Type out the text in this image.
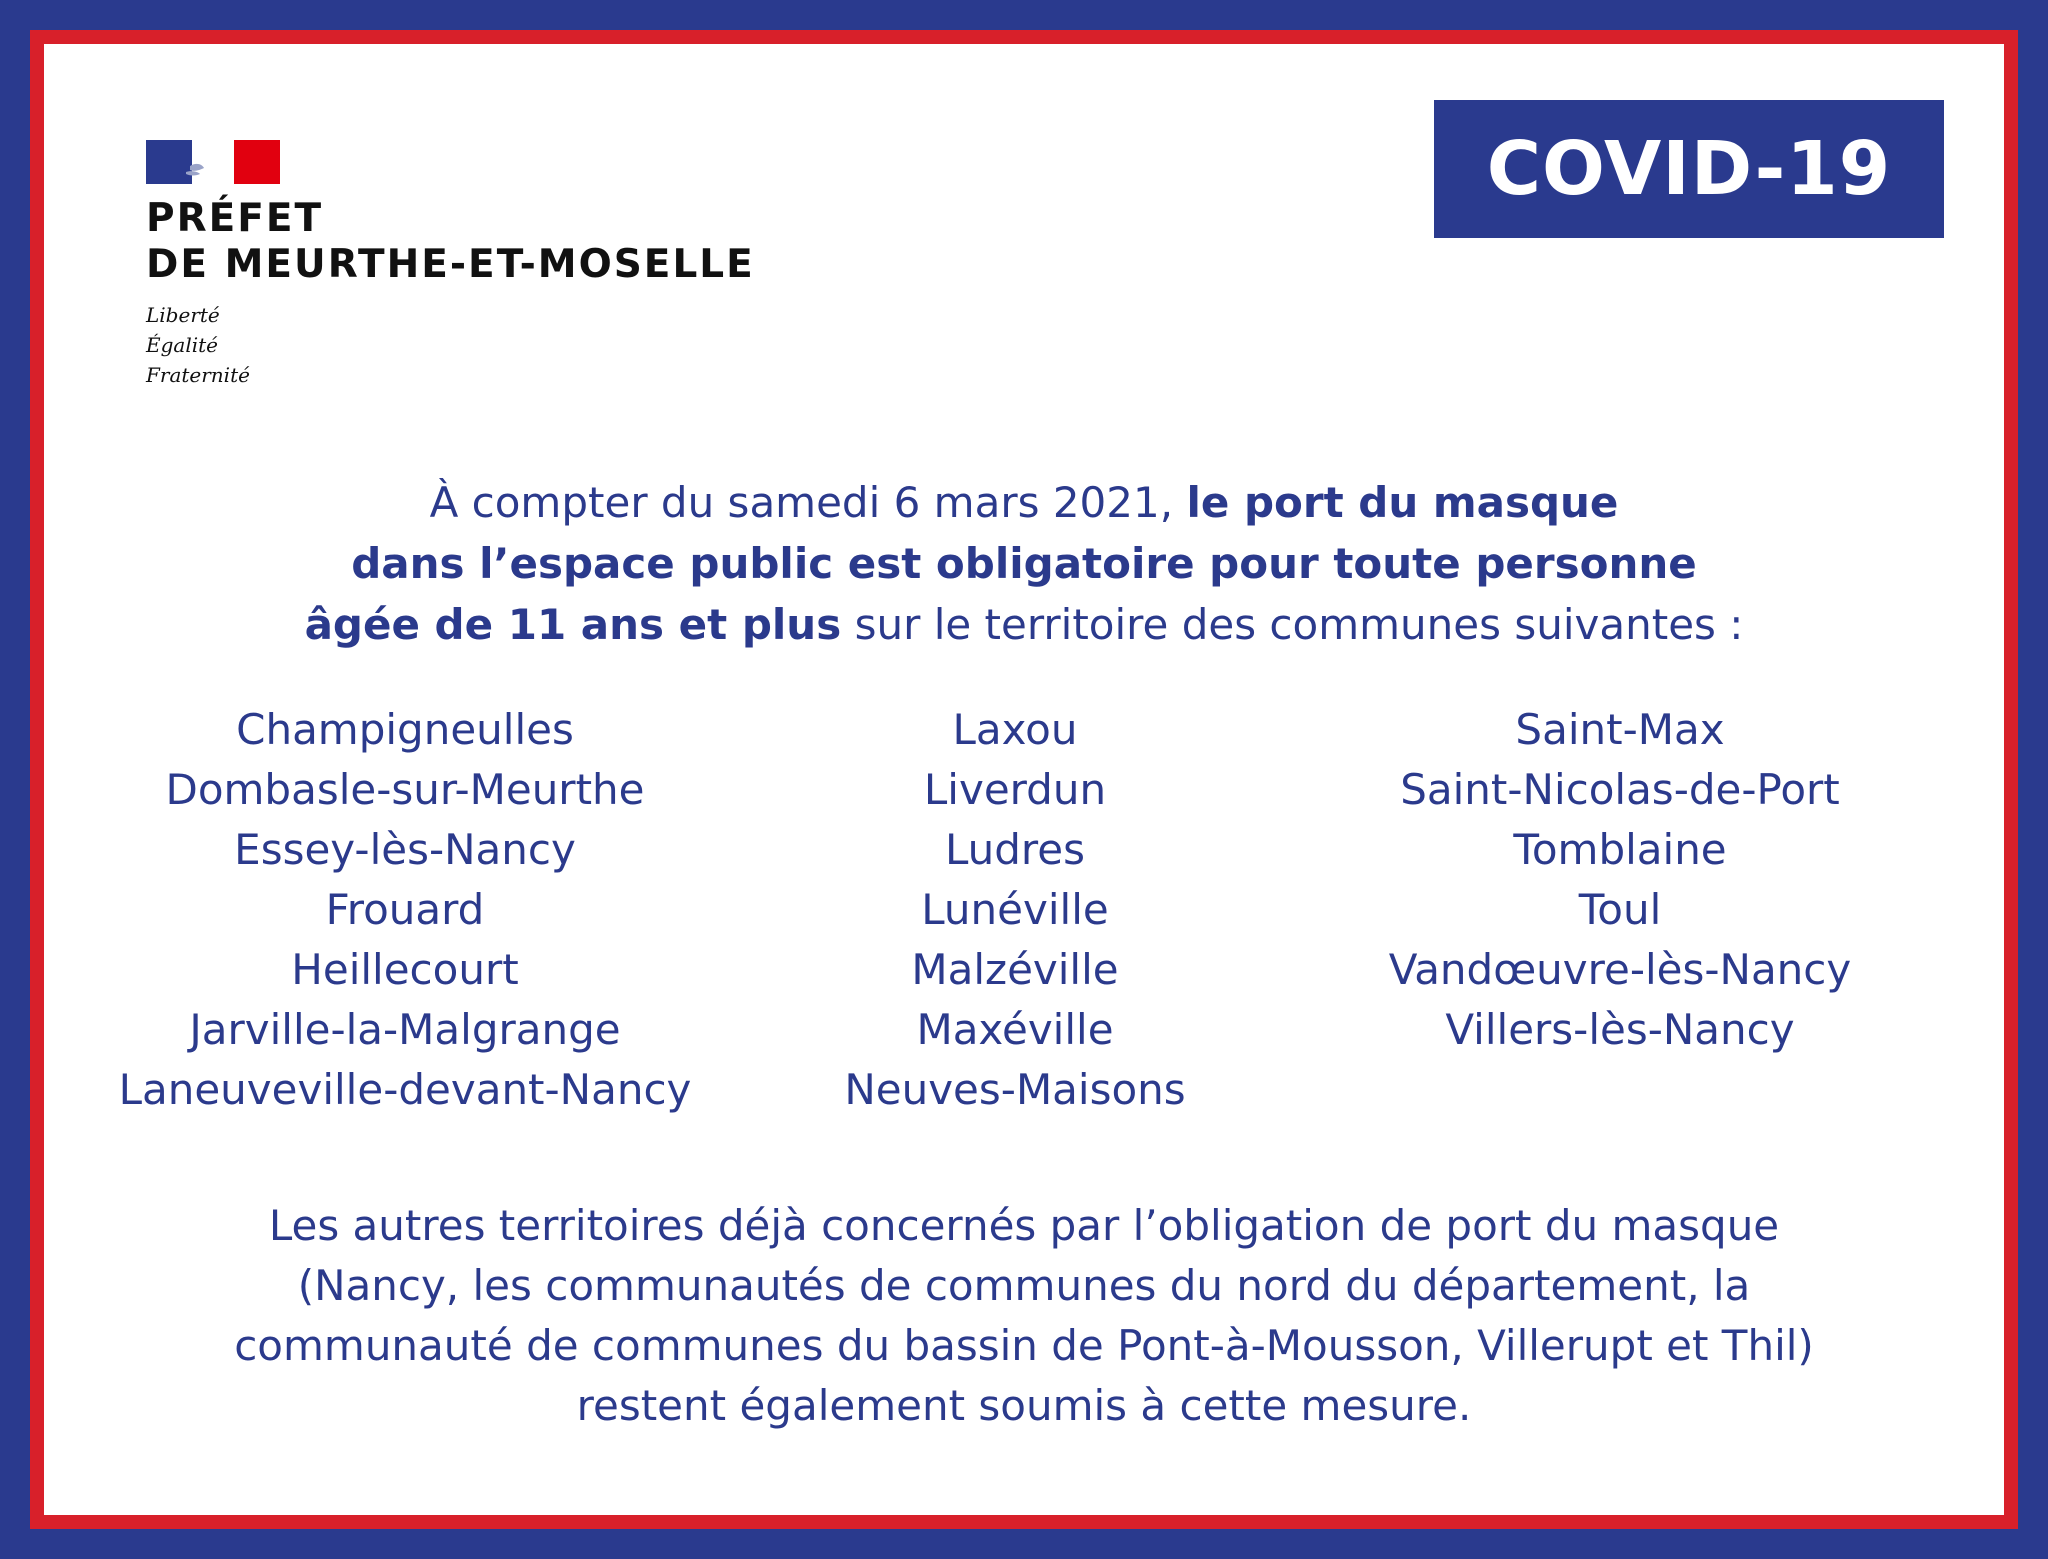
PRÉFET
DE MEURTHE-ET-MOSELLE
Liberté
Égalité
Fraternité
COVID-19
À compter du samedi 6 mars 2021, le port du masque
dans l’espace public est obligatoire pour toute personne
âgée de 11 ans et plus sur le territoire des communes suivantes :
Champigneulles
Dombasle-sur-Meurthe
Essey-lès-Nancy
Frouard
Heillecourt
Jarville-la-Malgrange
Laneuveville-devant-Nancy
Laxou
Liverdun
Ludres
Lunéville
Malzéville
Maxéville
Neuves-Maisons
Saint-Max
Saint-Nicolas-de-Port
Tomblaine
Toul
Vandœuvre-lès-Nancy
Villers-lès-Nancy
Les autres territoires déjà concernés par l’obligation de port du masque
(Nancy, les communautés de communes du nord du département, la
communauté de communes du bassin de Pont-à-Mousson, Villerupt et Thil)
restent également soumis à cette mesure.
